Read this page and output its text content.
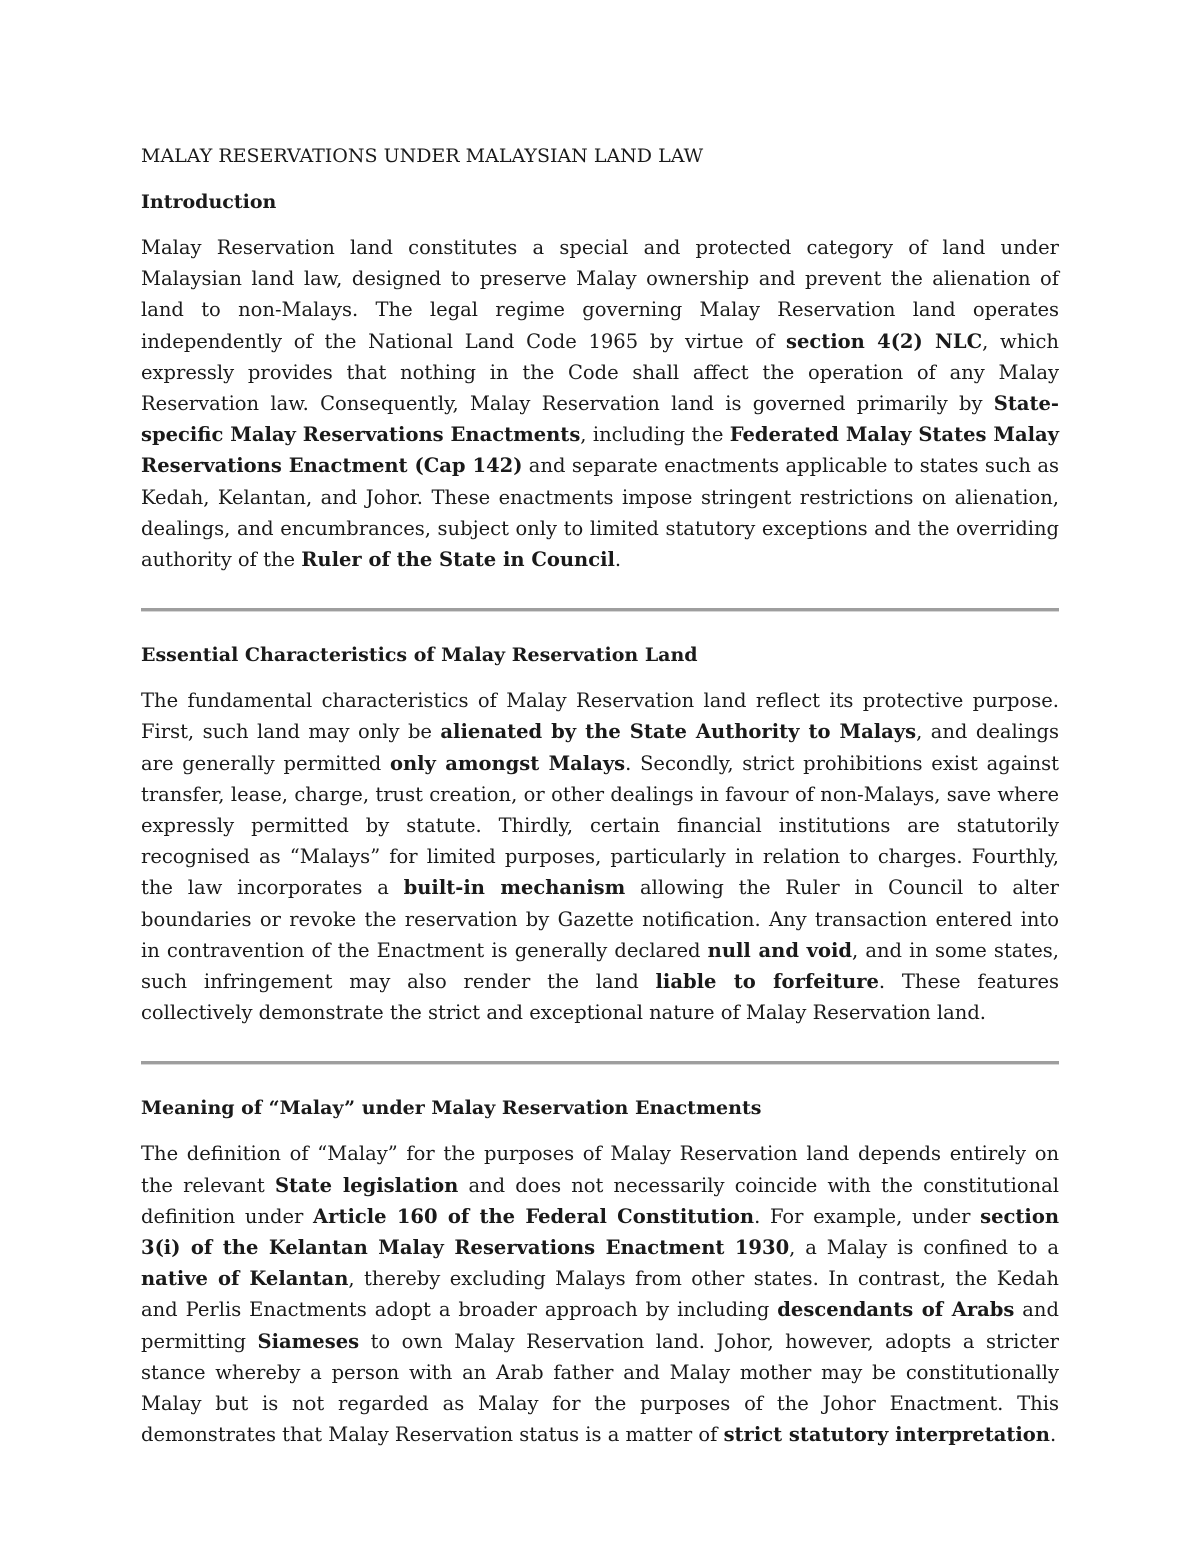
MALAY RESERVATIONS UNDER MALAYSIAN LAND LAW
Introduction

Malay Reservation land constitutes a special and protected category of land under Malaysian land law, designed to preserve Malay ownership and prevent the alienation of land to non-Malays. The legal regime governing Malay Reservation land operates independently of the National Land Code 1965 by virtue of section 4(2) NLC, which expressly provides that nothing in the Code shall affect the operation of any Malay Reservation law. Consequently, Malay Reservation land is governed primarily by State-specific Malay Reservations Enactments, including the Federated Malay States Malay Reservations Enactment (Cap 142) and separate enactments applicable to states such as Kedah, Kelantan, and Johor. These enactments impose stringent restrictions on alienation, dealings, and encumbrances, subject only to limited statutory exceptions and the overriding authority of the Ruler of the State in Council.

Essential Characteristics of Malay Reservation Land

The fundamental characteristics of Malay Reservation land reflect its protective purpose. First, such land may only be alienated by the State Authority to Malays, and dealings are generally permitted only amongst Malays. Secondly, strict prohibitions exist against transfer, lease, charge, trust creation, or other dealings in favour of non-Malays, save where expressly permitted by statute. Thirdly, certain financial institutions are statutorily recognised as “Malays” for limited purposes, particularly in relation to charges. Fourthly, the law incorporates a built-in mechanism allowing the Ruler in Council to alter boundaries or revoke the reservation by Gazette notification. Any transaction entered into in contravention of the Enactment is generally declared null and void, and in some states, such infringement may also render the land liable to forfeiture. These features collectively demonstrate the strict and exceptional nature of Malay Reservation land.

Meaning of “Malay” under Malay Reservation Enactments

The definition of “Malay” for the purposes of Malay Reservation land depends entirely on the relevant State legislation and does not necessarily coincide with the constitutional definition under Article 160 of the Federal Constitution. For example, under section 3(i) of the Kelantan Malay Reservations Enactment 1930, a Malay is confined to a native of Kelantan, thereby excluding Malays from other states. In contrast, the Kedah and Perlis Enactments adopt a broader approach by including descendants of Arabs and permitting Siameses to own Malay Reservation land. Johor, however, adopts a stricter stance whereby a person with an Arab father and Malay mother may be constitutionally Malay but is not regarded as Malay for the purposes of the Johor Enactment. This demonstrates that Malay Reservation status is a matter of strict statutory interpretation.
